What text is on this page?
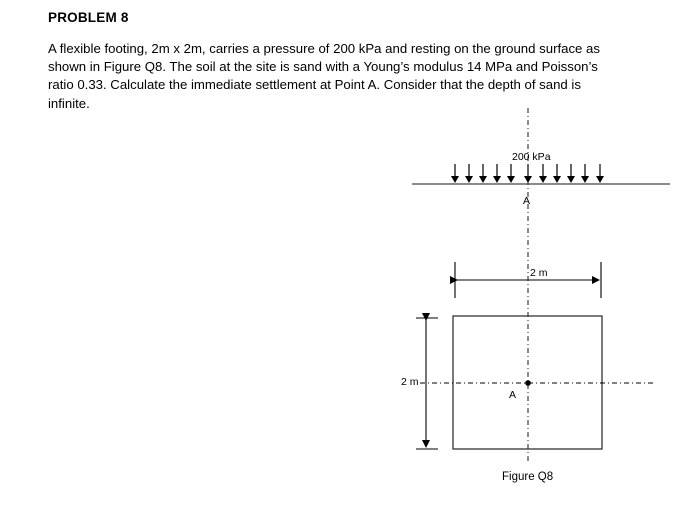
PROBLEM 8
A flexible footing, 2m x 2m, carries a pressure of 200 kPa and resting on the ground surface as
shown in Figure Q8. The soil at the site is sand with a Young’s modulus 14 MPa and Poisson’s
ratio 0.33. Calculate the immediate settlement at Point A. Consider that the depth of sand is
infinite.
200 kPa
A
2 m
2 m
A
Figure Q8
